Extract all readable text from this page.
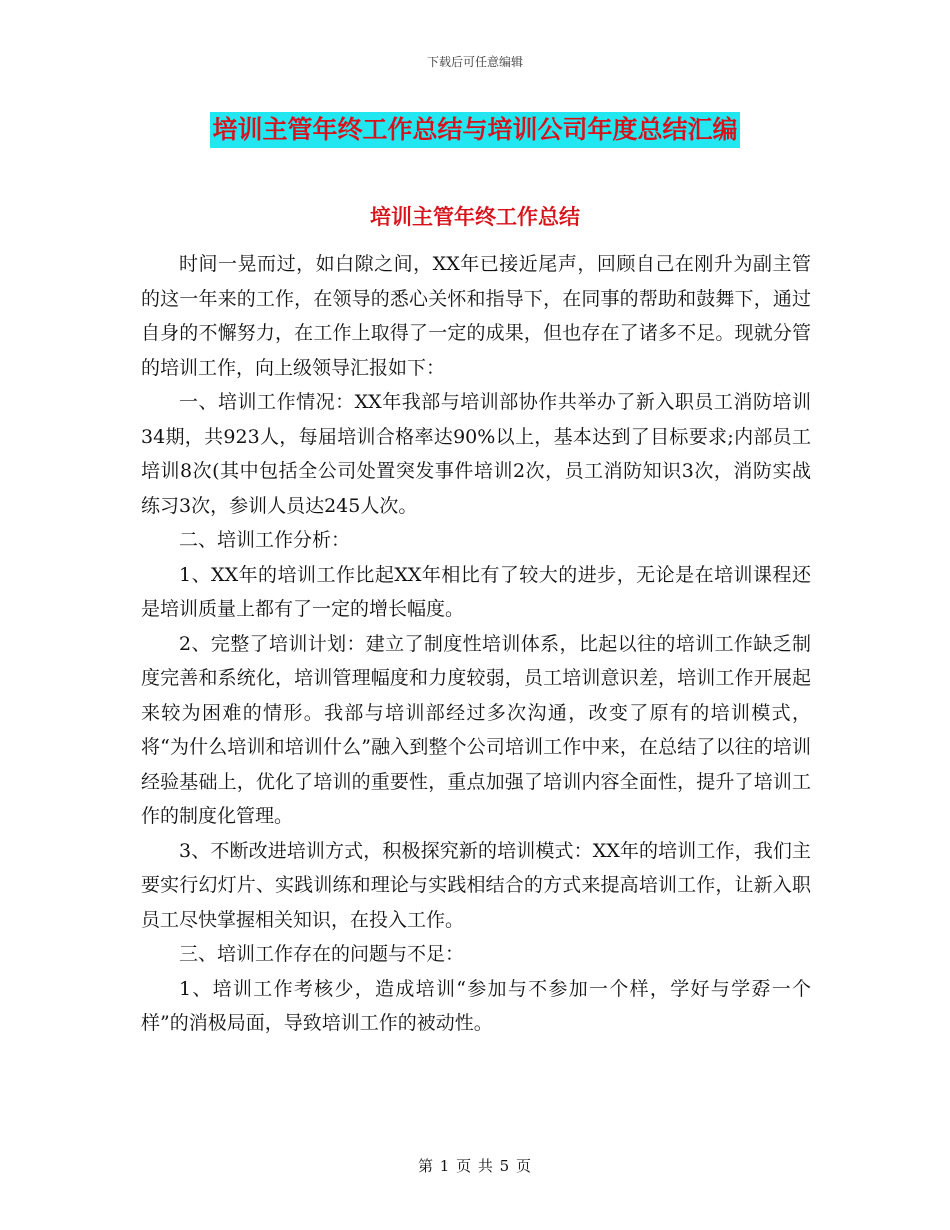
下载后可任意编辑
培训主管年终工作总结与培训公司年度总结汇编
培训主管年终工作总结

时间一晃而过，如白隙之间，XX年已接近尾声，回顾自己在刚升为副主管的这一年来的工作，在领导的悉心关怀和指导下，在同事的帮助和鼓舞下，通过自身的不懈努力，在工作上取得了一定的成果，但也存在了诸多不足。现就分管的培训工作，向上级领导汇报如下：

一、培训工作情况：XX年我部与培训部协作共举办了新入职员工消防培训34期，共923人，每届培训合格率达90%以上，基本达到了目标要求;内部员工培训8次(其中包括全公司处置突发事件培训2次，员工消防知识3次，消防实战练习3次，参训人员达245人次。

二、培训工作分析：

1、XX年的培训工作比起XX年相比有了较大的进步，无论是在培训课程还是培训质量上都有了一定的增长幅度。

2、完整了培训计划：建立了制度性培训体系，比起以往的培训工作缺乏制度完善和系统化，培训管理幅度和力度较弱，员工培训意识差，培训工作开展起来较为困难的情形。我部与培训部经过多次沟通，改变了原有的培训模式，将“为什么培训和培训什么”融入到整个公司培训工作中来，在总结了以往的培训经验基础上，优化了培训的重要性，重点加强了培训内容全面性，提升了培训工作的制度化管理。

3、不断改进培训方式，积极探究新的培训模式：XX年的培训工作，我们主要实行幻灯片、实践训练和理论与实践相结合的方式来提高培训工作，让新入职员工尽快掌握相关知识，在投入工作。

三、培训工作存在的问题与不足：

1、培训工作考核少，造成培训“参加与不参加一个样，学好与学孬一个样”的消极局面，导致培训工作的被动性。

第 1 页 共 5 页
